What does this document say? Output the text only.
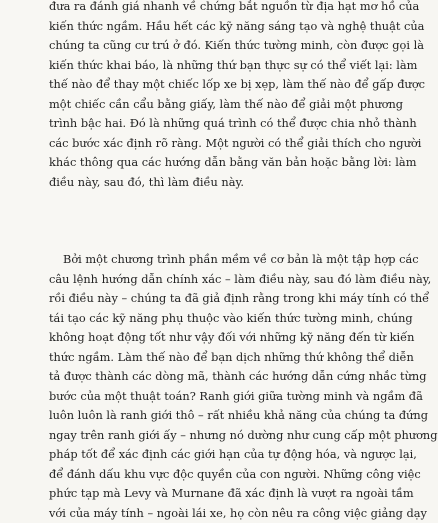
đưa ra đánh giá nhanh về chứng bắt nguồn từ địa hạt mơ hồ của
kiến thức ngầm. Hầu hết các kỹ năng sáng tạo và nghệ thuật của
chúng ta cũng cư trú ở đó. Kiến thức tường minh, còn được gọi là
kiến thức khai báo, là những thứ bạn thực sự có thể viết lại: làm
thế nào để thay một chiếc lốp xe bị xẹp, làm thế nào để gấp được
một chiếc cần cẩu bằng giấy, làm thế nào để giải một phương
trình bậc hai. Đó là những quá trình có thể được chia nhỏ thành
các bước xác định rõ ràng. Một người có thể giải thích cho người
khác thông qua các hướng dẫn bằng văn bản hoặc bằng lời: làm
điều này, sau đó, thì làm điều này.
Bởi một chương trình phần mềm về cơ bản là một tập hợp các
câu lệnh hướng dẫn chính xác – làm điều này, sau đó làm điều này,
rồi điều này – chúng ta đã giả định rằng trong khi máy tính có thể
tái tạo các kỹ năng phụ thuộc vào kiến thức tường minh, chúng
không hoạt động tốt như vậy đối với những kỹ năng đến từ kiến
thức ngầm. Làm thế nào để bạn dịch những thứ không thể diễn
tả được thành các dòng mã, thành các hướng dẫn cứng nhắc từng
bước của một thuật toán? Ranh giới giữa tường minh và ngầm đã
luôn luôn là ranh giới thô – rất nhiều khả năng của chúng ta đứng
ngay trên ranh giới ấy – nhưng nó dường như cung cấp một phương
pháp tốt để xác định các giới hạn của tự động hóa, và ngược lại,
để đánh dấu khu vực độc quyền của con người. Những công việc
phức tạp mà Levy và Murnane đã xác định là vượt ra ngoài tầm
với của máy tính – ngoài lái xe, họ còn nêu ra công việc giảng dạy
